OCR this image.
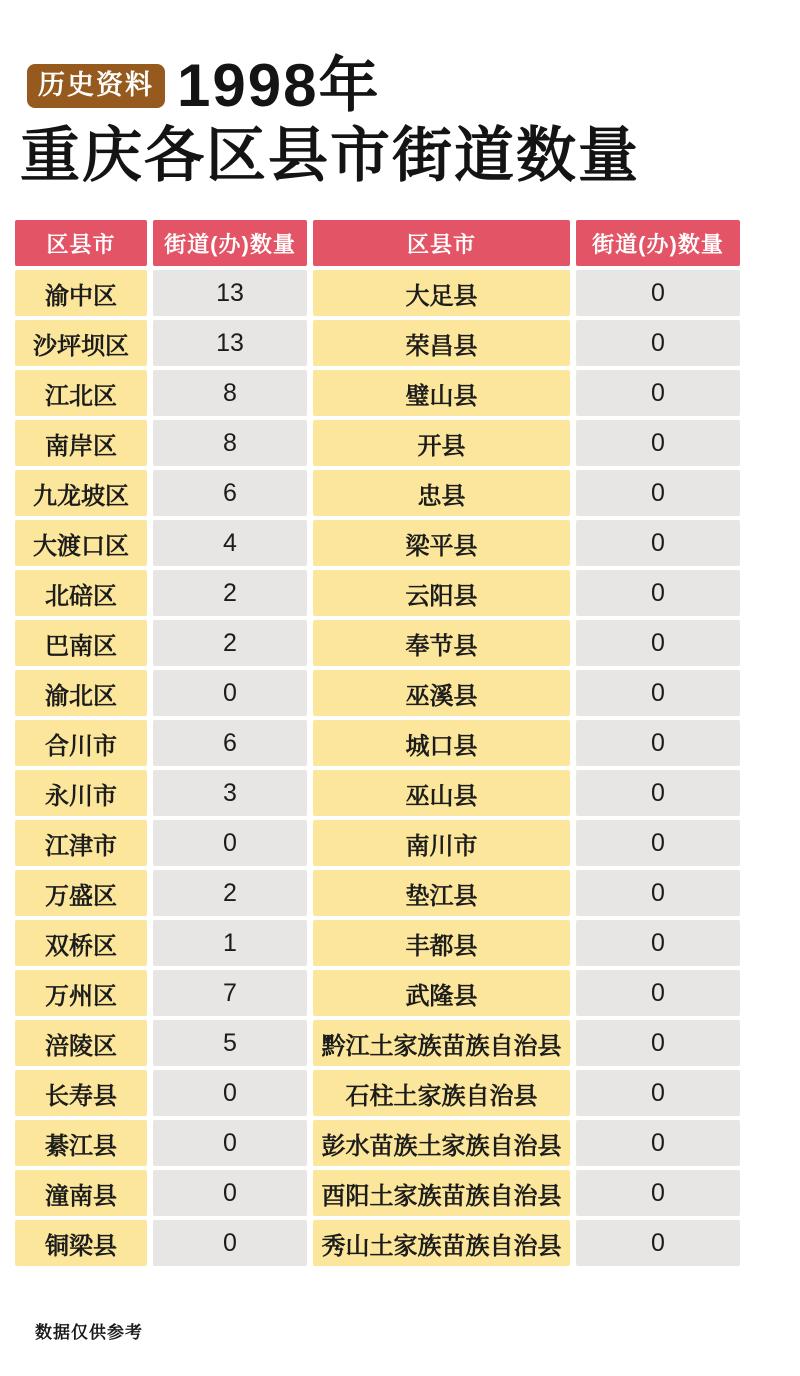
历史资料 1998年
重庆各区县市街道数量
区县市	街道(办)数量	区县市	街道(办)数量
渝中区	13	大足县	0
沙坪坝区	13	荣昌县	0
江北区	8	璧山县	0
南岸区	8	开县	0
九龙坡区	6	忠县	0
大渡口区	4	梁平县	0
北碚区	2	云阳县	0
巴南区	2	奉节县	0
渝北区	0	巫溪县	0
合川市	6	城口县	0
永川市	3	巫山县	0
江津市	0	南川市	0
万盛区	2	垫江县	0
双桥区	1	丰都县	0
万州区	7	武隆县	0
涪陵区	5	黔江土家族苗族自治县	0
长寿县	0	石柱土家族自治县	0
綦江县	0	彭水苗族土家族自治县	0
潼南县	0	酉阳土家族苗族自治县	0
铜梁县	0	秀山土家族苗族自治县	0
数据仅供参考
